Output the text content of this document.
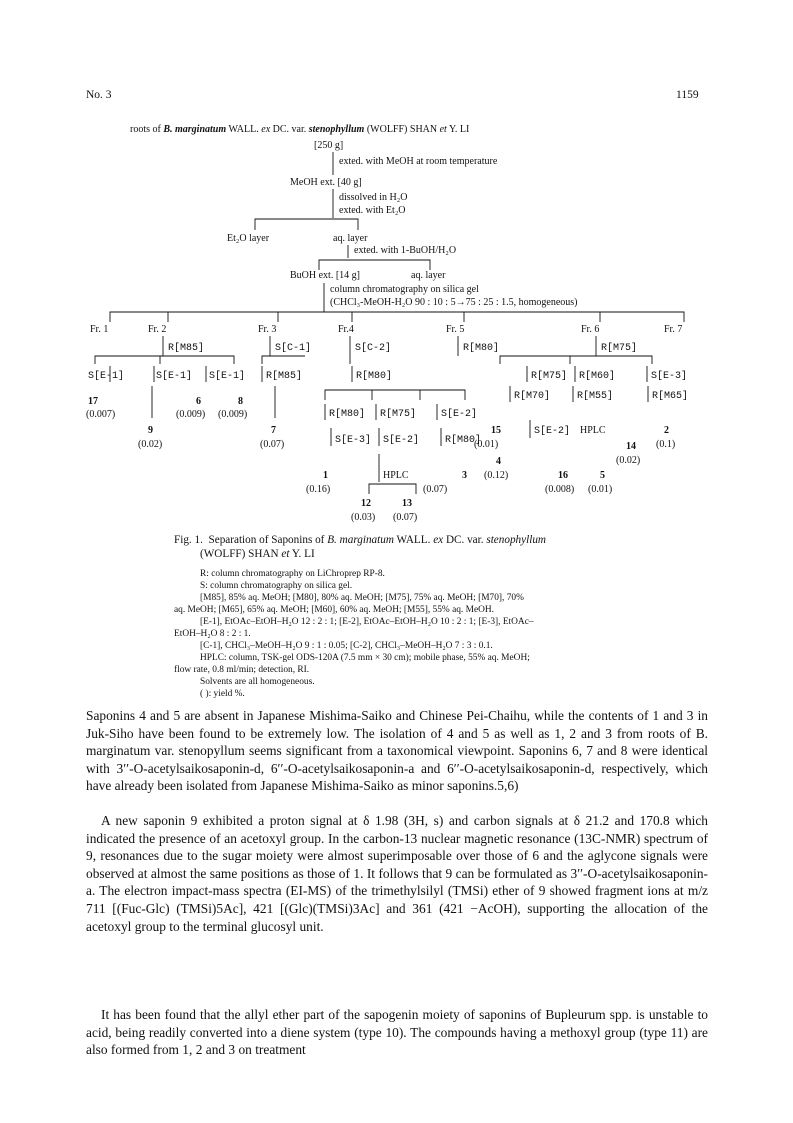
No. 3	1159
roots of B. marginatum WALL. ex DC. var. stenophyllum (WOLFF) SHAN et Y. LI
[250 g]
exted. with MeOH at room temperature
MeOH ext. [40 g]
dissolved in H₂O
exted. with Et₂O
Et₂O layer	aq. layer
exted. with 1-BuOH/H₂O
BuOH ext. [14 g]	aq. layer
column chromatography on silica gel
(CHCl₃-MeOH-H₂O 90 : 10 : 5→75 : 25 : 1.5, homogeneous)
Fr. 1	Fr. 2	Fr. 3	Fr.4	Fr. 5	Fr. 6	Fr. 7
R[M85]	S[C-1]	S[C-2]	R[M80]	R[M75]
S[E-1]	S[E-1] S[E-1] R[M85]	R[M80]	R[M75] R[M60]	S[E-3]
17
(0.007)
6
(0.009)
8
(0.009)
9
(0.02)
7
(0.07)
R[M80] R[M75] S[E-2]
R[M70]	R[M55]	R[M65]
S[E-3] S[E-2]	R[M80]
S[E-2] HPLC
15
(0.01)
2
(0.1)
14
(0.02)
4
(0.12)	16
(0.008)
5
(0.01)
1
(0.16)
HPLC	3
(0.07)
12
(0.03)
13
(0.07)
Fig. 1. Separation of Saponins of B. marginatum WALL. ex DC. var. stenophyllum
(WOLFF) SHAN et Y. LI
R: column chromatography on LiChroprep RP-8.
S: column chromatography on silica gel.
[M85], 85% aq. MeOH; [M80], 80% aq. MeOH; [M75], 75% aq. MeOH; [M70], 70%
aq. MeOH; [M65], 65% aq. MeOH; [M60], 60% aq. MeOH; [M55], 55% aq. MeOH.
[E-1], EtOAc–EtOH–H₂O 12 : 2 : 1; [E-2], EtOAc–EtOH–H₂O 10 : 2 : 1; [E-3], EtOAc–
EtOH–H₂O 8 : 2 : 1.
[C-1], CHCl₃–MeOH–H₂O 9 : 1 : 0.05; [C-2], CHCl₃–MeOH–H₂O 7 : 3 : 0.1.
HPLC: column, TSK-gel ODS-120A (7.5 mm × 30 cm); mobile phase, 55% aq. MeOH;
flow rate, 0.8 ml/min; detection, RI.
Solvents are all homogeneous.
( ): yield %.

Saponins 4 and 5 are absent in Japanese Mishima-Saiko and Chinese Pei-Chaihu, while the contents of 1 and 3 in Juk-Siho have been found to be extremely low. The isolation of 4 and 5 as well as 1, 2 and 3 from roots of B. marginatum var. stenopyllum seems significant from a taxonomical viewpoint. Saponins 6, 7 and 8 were identical with 3′′-O-acetylsaikosaponin-d, 6′′-O-acetylsaikosaponin-a and 6′′-O-acetylsaikosaponin-d, respectively, which have already been isolated from Japanese Mishima-Saiko as minor saponins.5,6)

A new saponin 9 exhibited a proton signal at δ 1.98 (3H, s) and carbon signals at δ 21.2 and 170.8 which indicated the presence of an acetoxyl group. In the carbon-13 nuclear magnetic resonance (13C-NMR) spectrum of 9, resonances due to the sugar moiety were almost superimposable over those of 6 and the aglycone signals were observed at almost the same positions as those of 1. It follows that 9 can be formulated as 3′′-O-acetylsaikosaponin-a. The electron impact-mass spectra (EI-MS) of the trimethylsilyl (TMSi) ether of 9 showed fragment ions at m/z 711 [(Fuc-Glc) (TMSi)5Ac], 421 [(Glc)(TMSi)3Ac] and 361 (421 −AcOH), supporting the allocation of the acetoxyl group to the terminal glucosyl unit.

It has been found that the allyl ether part of the sapogenin moiety of saponins of Bupleurum spp. is unstable to acid, being readily converted into a diene system (type 10). The compounds having a methoxyl group (type 11) are also formed from 1, 2 and 3 on treatment
